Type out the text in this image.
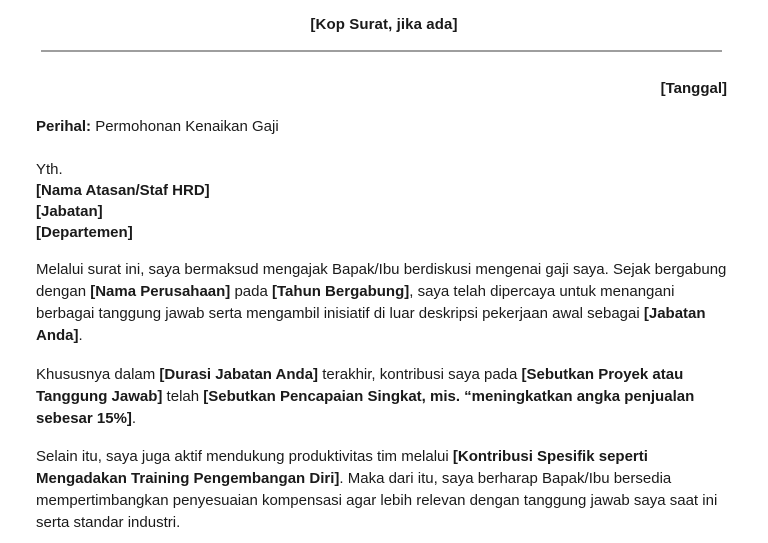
[Kop Surat, jika ada]
[Tanggal]
Perihal: Permohonan Kenaikan Gaji
Yth.
[Nama Atasan/Staf HRD]
[Jabatan]
[Departemen]

Melalui surat ini, saya bermaksud mengajak Bapak/Ibu berdiskusi mengenai gaji saya. Sejak bergabung dengan [Nama Perusahaan] pada [Tahun Bergabung], saya telah dipercaya untuk menangani berbagai tanggung jawab serta mengambil inisiatif di luar deskripsi pekerjaan awal sebagai [Jabatan Anda].

Khususnya dalam [Durasi Jabatan Anda] terakhir, kontribusi saya pada [Sebutkan Proyek atau Tanggung Jawab] telah [Sebutkan Pencapaian Singkat, mis. “meningkatkan angka penjualan sebesar 15%].

Selain itu, saya juga aktif mendukung produktivitas tim melalui [Kontribusi Spesifik seperti Mengadakan Training Pengembangan Diri]. Maka dari itu, saya berharap Bapak/Ibu bersedia mempertimbangkan penyesuaian kompensasi agar lebih relevan dengan tanggung jawab saya saat ini serta standar industri.
